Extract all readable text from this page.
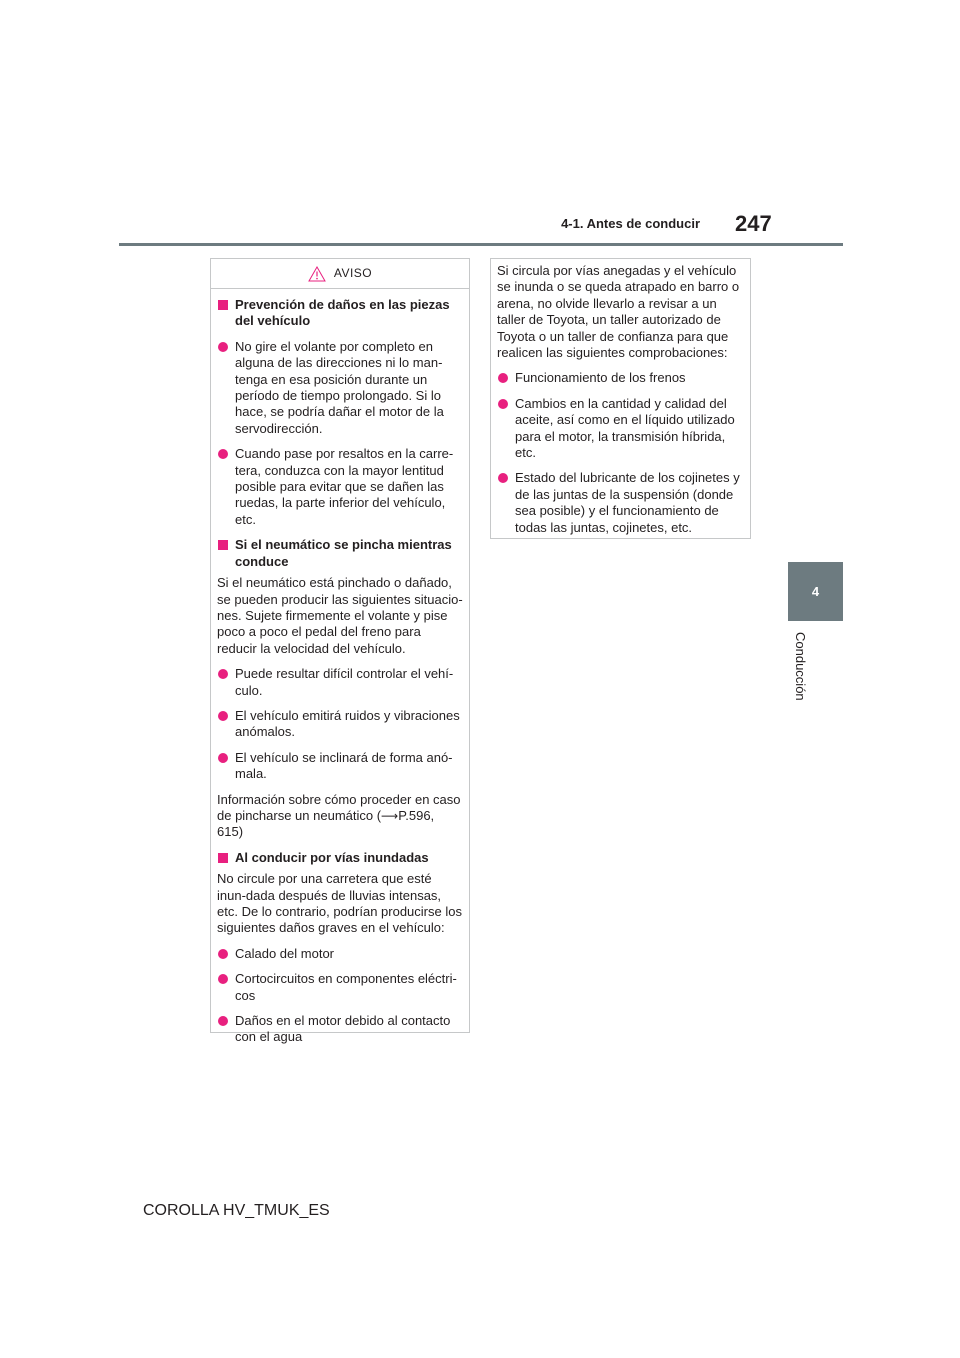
4-1. Antes de conducir 247
4
Conducción
AVISO
Prevención de daños en las piezas del vehículo
No gire el volante por completo en alguna de las direcciones ni lo man-tenga en esa posición durante un período de tiempo prolongado. Si lo hace, se podría dañar el motor de la servodirección.
Cuando pase por resaltos en la carre-tera, conduzca con la mayor lentitud posible para evitar que se dañen las ruedas, la parte inferior del vehículo, etc.
Si el neumático se pincha mientras conduce
Si el neumático está pinchado o dañado, se pueden producir las siguientes situacio-nes. Sujete firmemente el volante y pise poco a poco el pedal del freno para reducir la velocidad del vehículo.
Puede resultar difícil controlar el vehí-culo.
El vehículo emitirá ruidos y vibraciones anómalos.
El vehículo se inclinará de forma anó-mala.
Información sobre cómo proceder en caso de pincharse un neumático (⟶P.596, 615)
Al conducir por vías inundadas
No circule por una carretera que esté inun-dada después de lluvias intensas, etc. De lo contrario, podrían producirse los siguientes daños graves en el vehículo:
Calado del motor
Cortocircuitos en componentes eléctri-cos
Daños en el motor debido al contacto con el agua
Si circula por vías anegadas y el vehículo se inunda o se queda atrapado en barro o arena, no olvide llevarlo a revisar a un taller de Toyota, un taller autorizado de Toyota o un taller de confianza para que realicen las siguientes comprobaciones:
Funcionamiento de los frenos
Cambios en la cantidad y calidad del aceite, así como en el líquido utilizado para el motor, la transmisión híbrida, etc.
Estado del lubricante de los cojinetes y de las juntas de la suspensión (donde sea posible) y el funcionamiento de todas las juntas, cojinetes, etc.
COROLLA HV_TMUK_ES
